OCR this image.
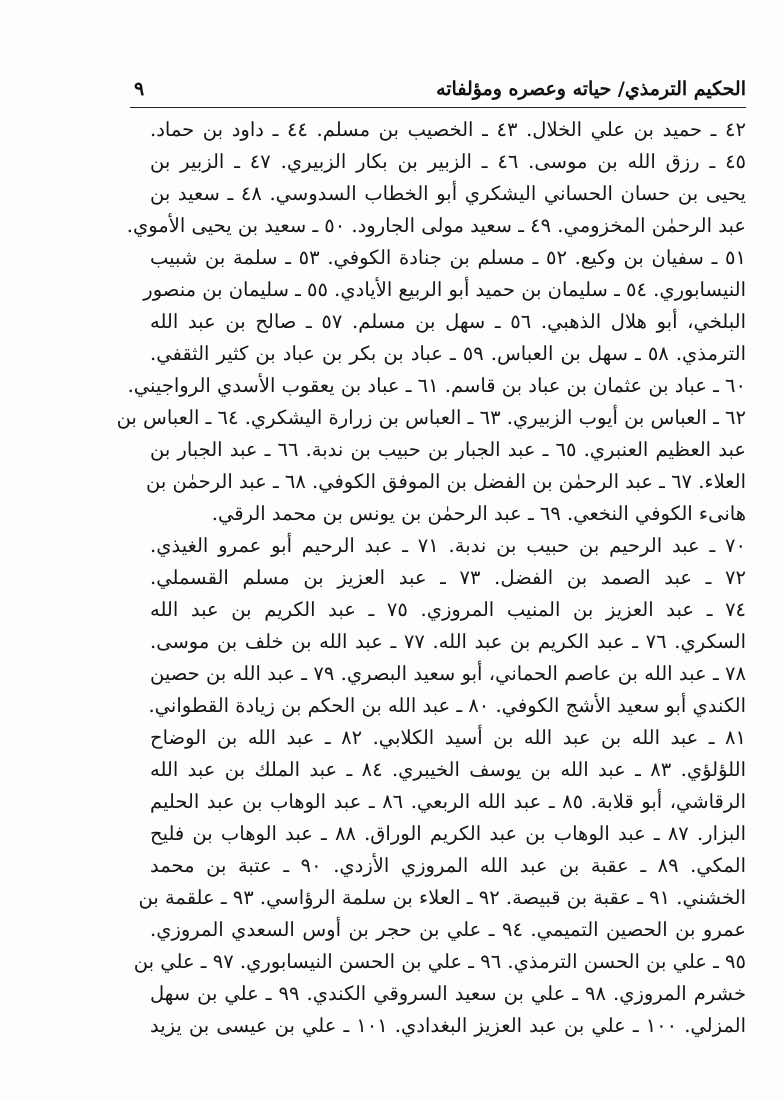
الحكيم الترمذي/ حياته وعصره ومؤلفاته
٩
٤٢ ـ حميد بن علي الخلال. ٤٣ ـ الخصيب بن مسلم. ٤٤ ـ داود بن حماد.
٤٥ ـ رزق الله بن موسى. ٤٦ ـ الزبير بن بكار الزبيري. ٤٧ ـ الزبير بن
يحيى بن حسان الحساني اليشكري أبو الخطاب السدوسي. ٤٨ ـ سعيد بن
عبد الرحمٰن المخزومي. ٤٩ ـ سعيد مولى الجارود. ٥٠ ـ سعيد بن يحيى الأموي.
٥١ ـ سفيان بن وكيع. ٥٢ ـ مسلم بن جنادة الكوفي. ٥٣ ـ سلمة بن شبيب
النيسابوري. ٥٤ ـ سليمان بن حميد أبو الربيع الأيادي. ٥٥ ـ سليمان بن منصور
البلخي، أبو هلال الذهبي. ٥٦ ـ سهل بن مسلم. ٥٧ ـ صالح بن عبد الله
الترمذي. ٥٨ ـ سهل بن العباس. ٥٩ ـ عباد بن بكر بن عباد بن كثير الثقفي.
٦٠ ـ عباد بن عثمان بن عباد بن قاسم. ٦١ ـ عباد بن يعقوب الأسدي الرواجيني.
٦٢ ـ العباس بن أيوب الزبيري. ٦٣ ـ العباس بن زرارة اليشكري. ٦٤ ـ العباس بن
عبد العظيم العنبري. ٦٥ ـ عبد الجبار بن حبيب بن ندبة. ٦٦ ـ عبد الجبار بن
العلاء. ٦٧ ـ عبد الرحمٰن بن الفضل بن الموفق الكوفي. ٦٨ ـ عبد الرحمٰن بن
هانىء الكوفي النخعي. ٦٩ ـ عبد الرحمٰن بن يونس بن محمد الرقي.
٧٠ ـ عبد الرحيم بن حبيب بن ندبة. ٧١ ـ عبد الرحيم أبو عمرو الغيذي.
٧٢ ـ عبد الصمد بن الفضل. ٧٣ ـ عبد العزيز بن مسلم القسملي.
٧٤ ـ عبد العزيز بن المنيب المروزي. ٧٥ ـ عبد الكريم بن عبد الله
السكري. ٧٦ ـ عبد الكريم بن عبد الله. ٧٧ ـ عبد الله بن خلف بن موسى.
٧٨ ـ عبد الله بن عاصم الحماني، أبو سعيد البصري. ٧٩ ـ عبد الله بن حصين
الكندي أبو سعيد الأشج الكوفي. ٨٠ ـ عبد الله بن الحكم بن زيادة القطواني.
٨١ ـ عبد الله بن عبد الله بن أسيد الكلابي. ٨٢ ـ عبد الله بن الوضاح
اللؤلؤي. ٨٣ ـ عبد الله بن يوسف الخيبري. ٨٤ ـ عبد الملك بن عبد الله
الرقاشي، أبو قلابة. ٨٥ ـ عبد الله الربعي. ٨٦ ـ عبد الوهاب بن عبد الحليم
البزار. ٨٧ ـ عبد الوهاب بن عبد الكريم الوراق. ٨٨ ـ عبد الوهاب بن فليح
المكي. ٨٩ ـ عقبة بن عبد الله المروزي الأزدي. ٩٠ ـ عتبة بن محمد
الخشني. ٩١ ـ عقبة بن قبيصة. ٩٢ ـ العلاء بن سلمة الرؤاسي. ٩٣ ـ علقمة بن
عمرو بن الحصين التميمي. ٩٤ ـ علي بن حجر بن أوس السعدي المروزي.
٩٥ ـ علي بن الحسن الترمذي. ٩٦ ـ علي بن الحسن النيسابوري. ٩٧ ـ علي بن
خشرم المروزي. ٩٨ ـ علي بن سعيد السروقي الكندي. ٩٩ ـ علي بن سهل
المزلي. ١٠٠ ـ علي بن عبد العزيز البغدادي. ١٠١ ـ علي بن عيسى بن يزيد
